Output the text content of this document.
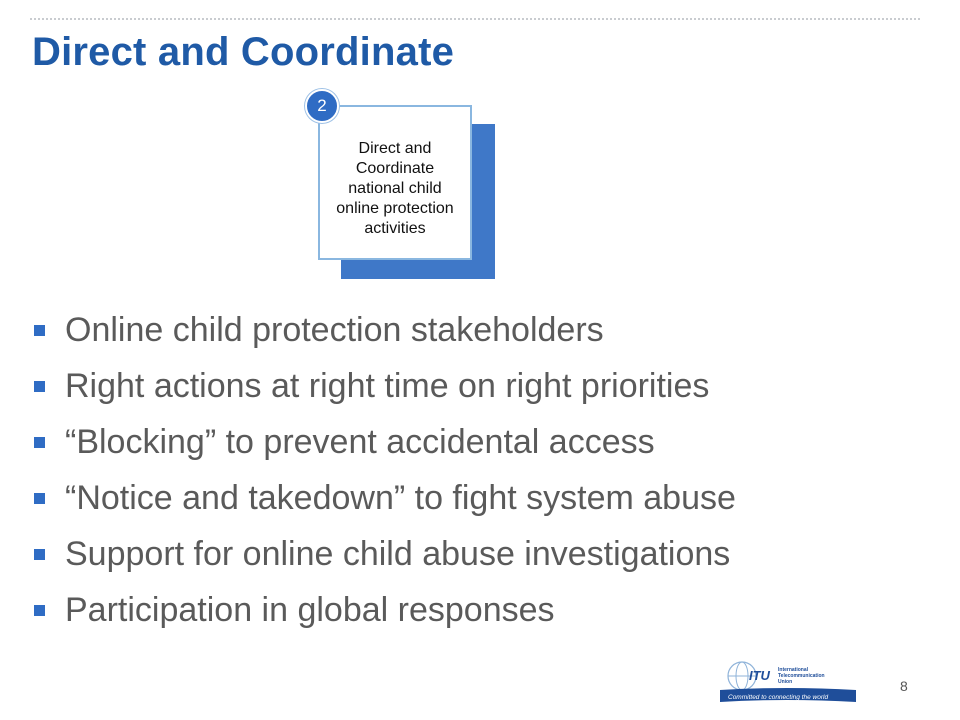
Direct and Coordinate
Direct and
Coordinate
national child
online protection
activities
2
Online child protection stakeholders
Right actions at right time on right priorities
“Blocking” to prevent accidental access
“Notice and takedown” to fight system abuse
Support for online child abuse investigations
Participation in global responses
ITU International
Telecommunication
Union
Committed to connecting the world
8
